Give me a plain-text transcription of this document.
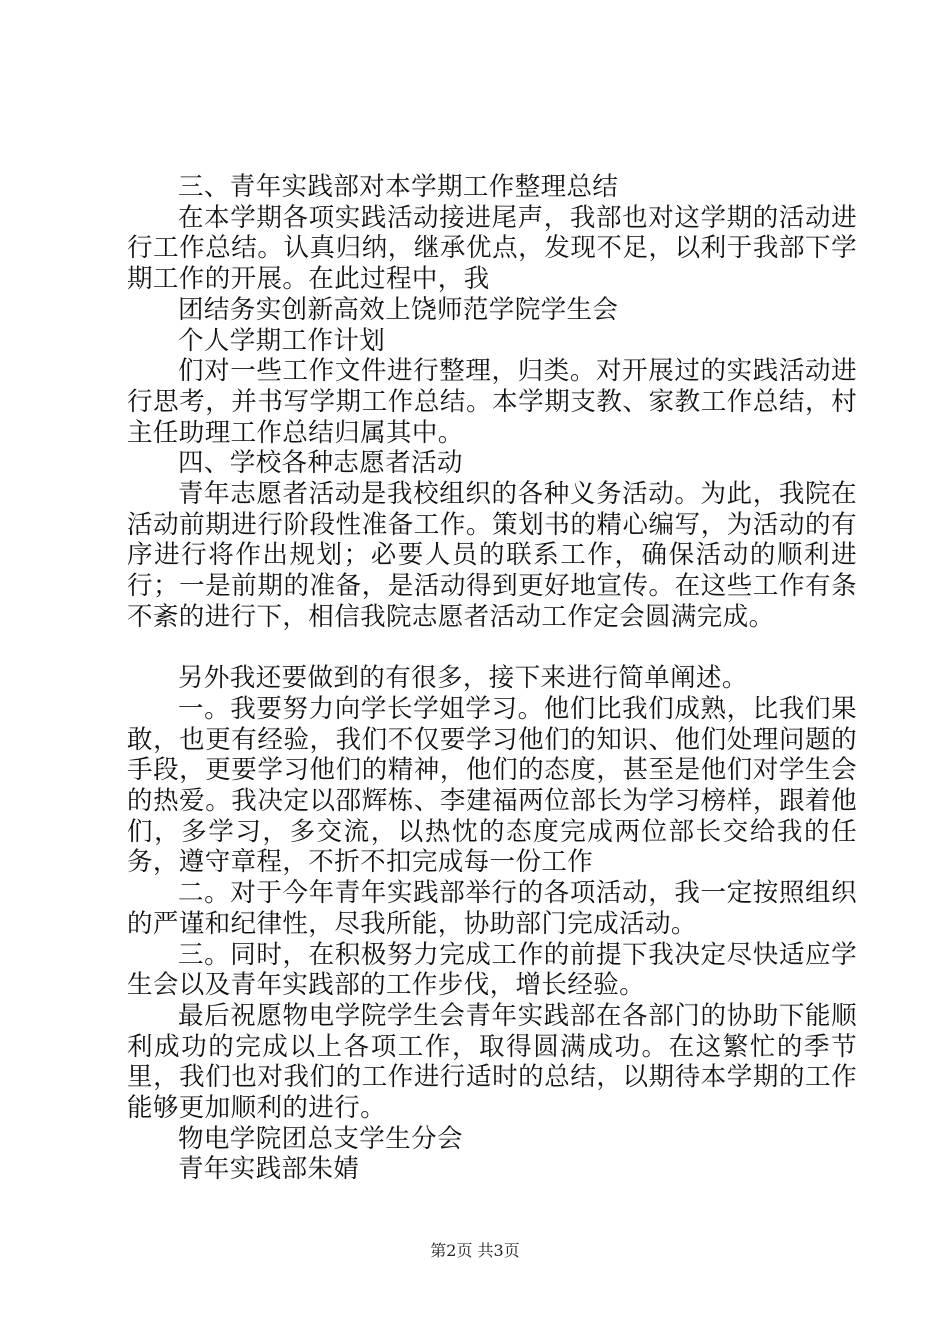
三、青年实践部对本学期工作整理总结

在本学期各项实践活动接进尾声，我部也对这学期的活动进行工作总结。认真归纳，继承优点，发现不足，以利于我部下学期工作的开展。在此过程中，我

团结务实创新高效上饶师范学院学生会

个人学期工作计划

们对一些工作文件进行整理，归类。对开展过的实践活动进行思考，并书写学期工作总结。本学期支教、家教工作总结，村主任助理工作总结归属其中。

四、学校各种志愿者活动

青年志愿者活动是我校组织的各种义务活动。为此，我院在活动前期进行阶段性准备工作。策划书的精心编写，为活动的有序进行将作出规划；必要人员的联系工作，确保活动的顺利进行；一是前期的准备，是活动得到更好地宣传。在这些工作有条不紊的进行下，相信我院志愿者活动工作定会圆满完成。

另外我还要做到的有很多，接下来进行简单阐述。

一。我要努力向学长学姐学习。他们比我们成熟，比我们果敢，也更有经验，我们不仅要学习他们的知识、他们处理问题的手段，更要学习他们的精神，他们的态度，甚至是他们对学生会的热爱。我决定以邵辉栋、李建福两位部长为学习榜样，跟着他们，多学习，多交流，以热忱的态度完成两位部长交给我的任务，遵守章程，不折不扣完成每一份工作

二。对于今年青年实践部举行的各项活动，我一定按照组织的严谨和纪律性，尽我所能，协助部门完成活动。

三。同时，在积极努力完成工作的前提下我决定尽快适应学生会以及青年实践部的工作步伐，增长经验。

最后祝愿物电学院学生会青年实践部在各部门的协助下能顺利成功的完成以上各项工作，取得圆满成功。在这繁忙的季节里，我们也对我们的工作进行适时的总结，以期待本学期的工作能够更加顺利的进行。

物电学院团总支学生分会

青年实践部朱婧

第2页 共3页
